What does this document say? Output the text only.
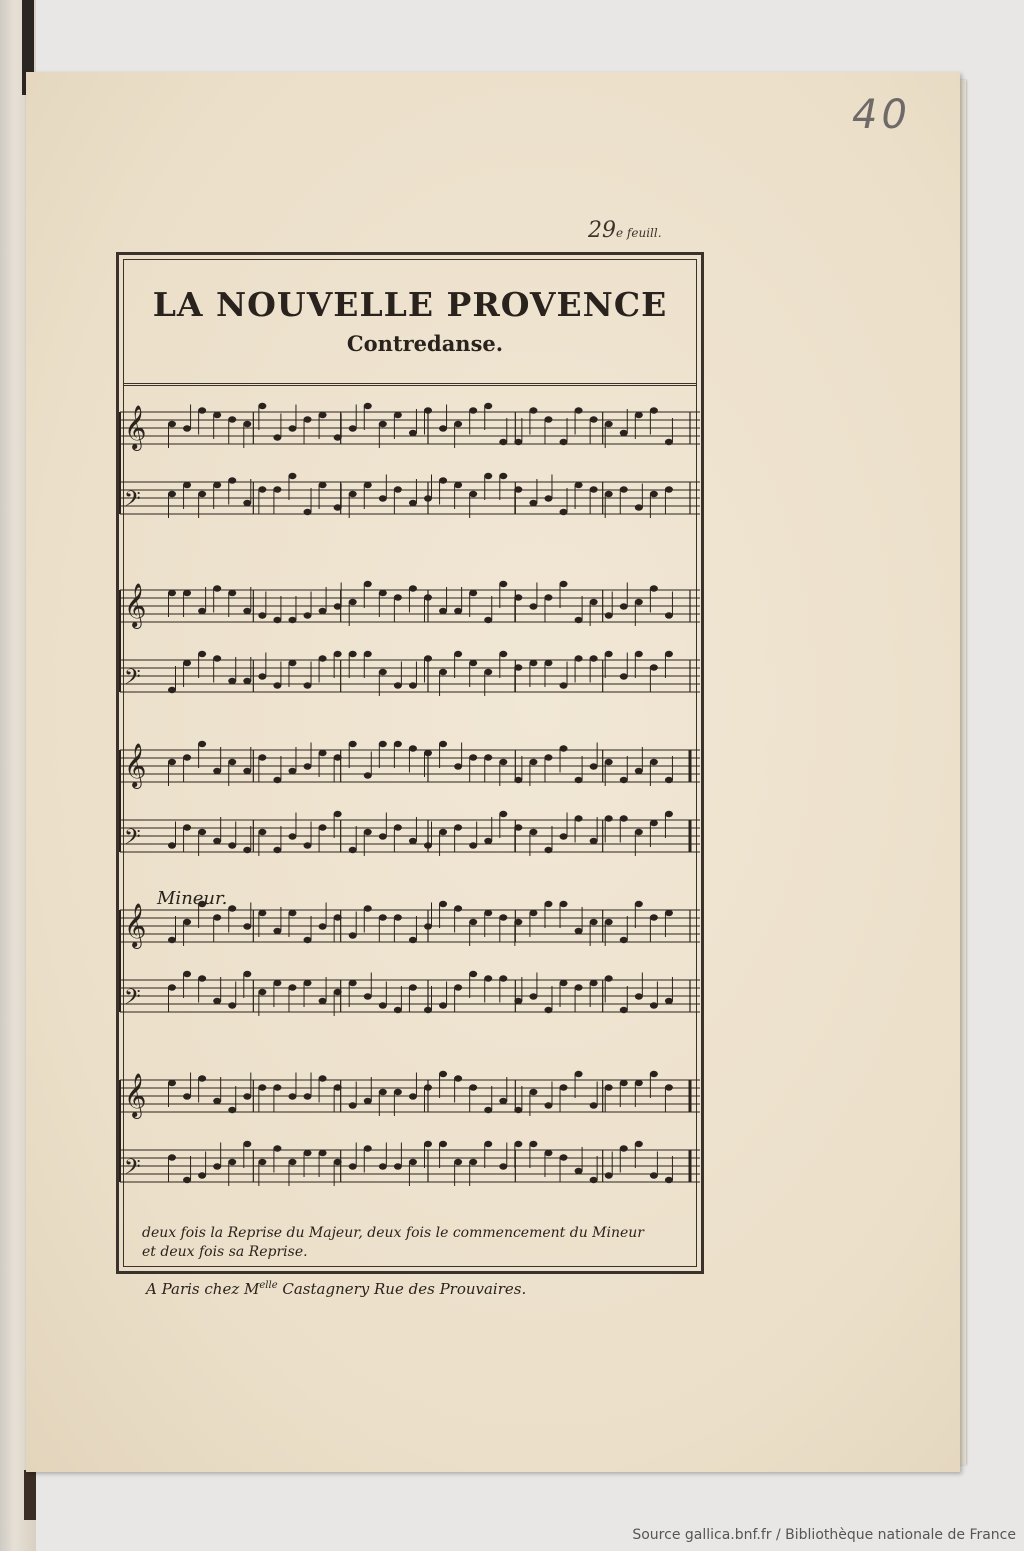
40
29e feuill.
LA NOUVELLE PROVENCE
Contredanse.
𝄞
𝄢
𝄞
𝄢
𝄞
𝄢
𝄞
𝄢
𝄞
𝄢
Mineur.
deux fois la Reprise du Majeur, deux fois le commencement du Mineur
et deux fois sa Reprise.
A Paris chez $M^{elle}$ Castagnery Rue des Prouvaires.
Source gallica.bnf.fr / Bibliothèque nationale de France
